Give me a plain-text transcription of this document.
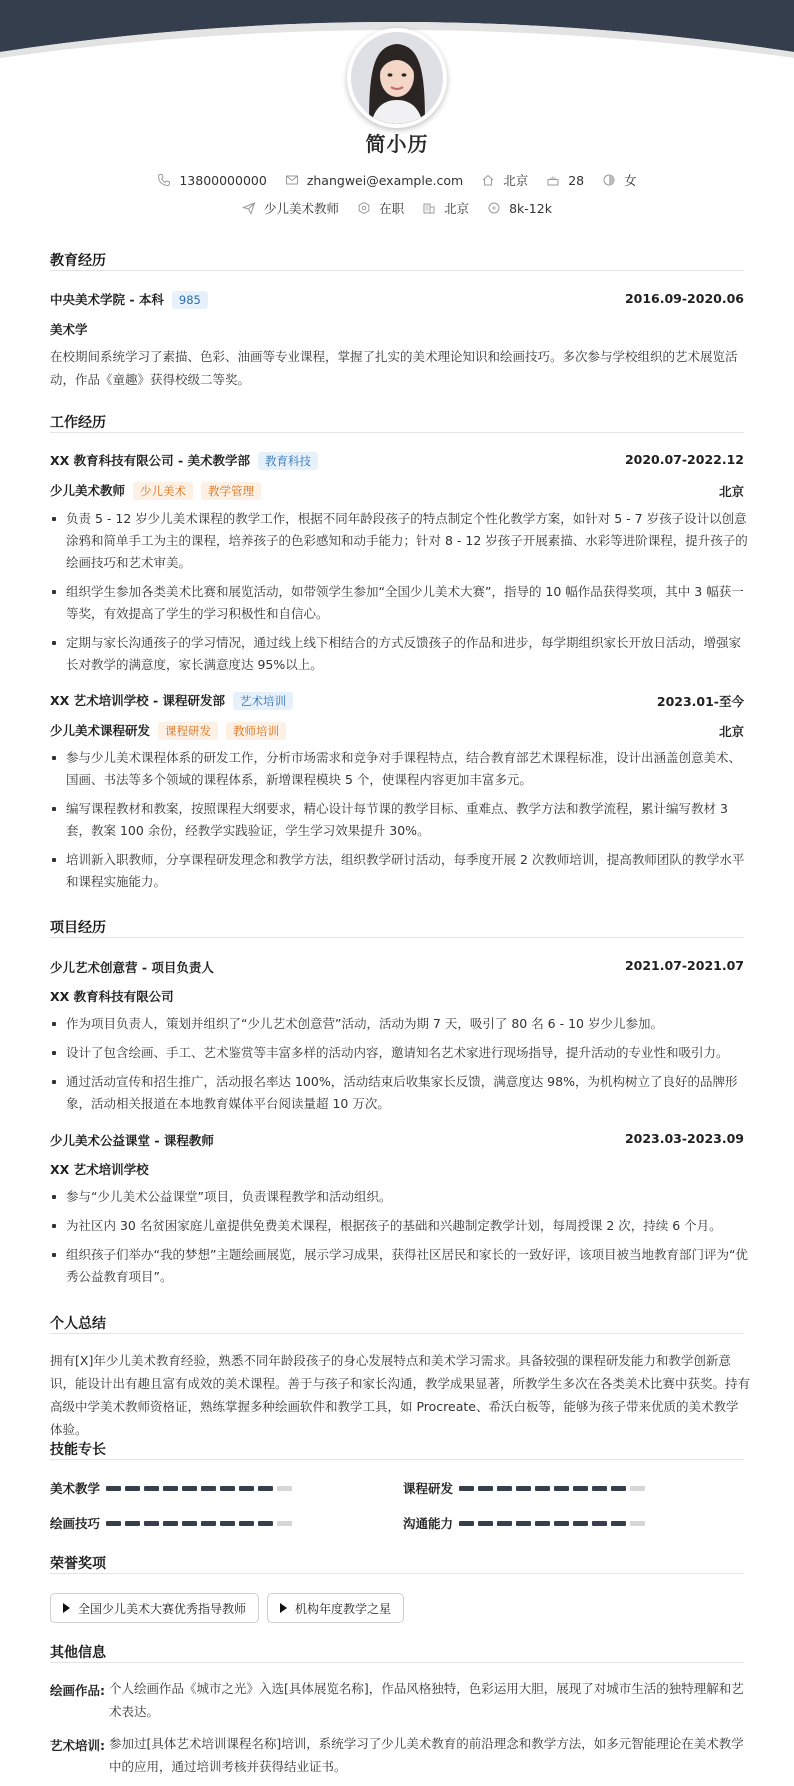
简小历
13800000000	zhangwei@example.com	北京	28	女
少儿美术教师	在职	北京	8k-12k
教育经历
中央美术学院 - 本科 985	2016.09-2020.06
美术学
在校期间系统学习了素描、色彩、油画等专业课程，掌握了扎实的美术理论知识和绘画技巧。多次参与学校组织的艺术展览活动，作品《童趣》获得校级二等奖。
工作经历
XX 教育科技有限公司 - 美术教学部 教育科技	2020.07-2022.12
少儿美术教师 少儿美术 教学管理	北京
负责 5 - 12 岁少儿美术课程的教学工作，根据不同年龄段孩子的特点制定个性化教学方案，如针对 5 - 7 岁孩子设计以创意涂鸦和简单手工为主的课程，培养孩子的色彩感知和动手能力；针对 8 - 12 岁孩子开展素描、水彩等进阶课程，提升孩子的绘画技巧和艺术审美。
组织学生参加各类美术比赛和展览活动，如带领学生参加“全国少儿美术大赛”，指导的 10 幅作品获得奖项，其中 3 幅获一等奖，有效提高了学生的学习积极性和自信心。
定期与家长沟通孩子的学习情况，通过线上线下相结合的方式反馈孩子的作品和进步，每学期组织家长开放日活动，增强家长对教学的满意度，家长满意度达 95%以上。
XX 艺术培训学校 - 课程研发部 艺术培训	2023.01-至今
少儿美术课程研发 课程研发 教师培训	北京
参与少儿美术课程体系的研发工作，分析市场需求和竞争对手课程特点，结合教育部艺术课程标准，设计出涵盖创意美术、国画、书法等多个领域的课程体系，新增课程模块 5 个，使课程内容更加丰富多元。
编写课程教材和教案，按照课程大纲要求，精心设计每节课的教学目标、重难点、教学方法和教学流程，累计编写教材 3 套，教案 100 余份，经教学实践验证，学生学习效果提升 30%。
培训新入职教师，分享课程研发理念和教学方法，组织教学研讨活动，每季度开展 2 次教师培训，提高教师团队的教学水平和课程实施能力。
项目经历
少儿艺术创意营 - 项目负责人	2021.07-2021.07
XX 教育科技有限公司
作为项目负责人，策划并组织了“少儿艺术创意营”活动，活动为期 7 天，吸引了 80 名 6 - 10 岁少儿参加。
设计了包含绘画、手工、艺术鉴赏等丰富多样的活动内容，邀请知名艺术家进行现场指导，提升活动的专业性和吸引力。
通过活动宣传和招生推广，活动报名率达 100%，活动结束后收集家长反馈，满意度达 98%，为机构树立了良好的品牌形象，活动相关报道在本地教育媒体平台阅读量超 10 万次。
少儿美术公益课堂 - 课程教师	2023.03-2023.09
XX 艺术培训学校
参与“少儿美术公益课堂”项目，负责课程教学和活动组织。
为社区内 30 名贫困家庭儿童提供免费美术课程，根据孩子的基础和兴趣制定教学计划，每周授课 2 次，持续 6 个月。
组织孩子们举办“我的梦想”主题绘画展览，展示学习成果，获得社区居民和家长的一致好评，该项目被当地教育部门评为“优秀公益教育项目”。
个人总结
拥有[X]年少儿美术教育经验，熟悉不同年龄段孩子的身心发展特点和美术学习需求。具备较强的课程研发能力和教学创新意识，能设计出有趣且富有成效的美术课程。善于与孩子和家长沟通，教学成果显著，所教学生多次在各类美术比赛中获奖。持有高级中学美术教师资格证，熟练掌握多种绘画软件和教学工具，如 Procreate、希沃白板等，能够为孩子带来优质的美术教学体验。
技能专长
美术教学	课程研发
绘画技巧	沟通能力
荣誉奖项
全国少儿美术大赛优秀指导教师	机构年度教学之星
其他信息
绘画作品: 个人绘画作品《城市之光》入选[具体展览名称]，作品风格独特，色彩运用大胆，展现了对城市生活的独特理解和艺术表达。
艺术培训: 参加过[具体艺术培训课程名称]培训，系统学习了少儿美术教育的前沿理念和教学方法，如多元智能理论在美术教学中的应用，通过培训考核并获得结业证书。
